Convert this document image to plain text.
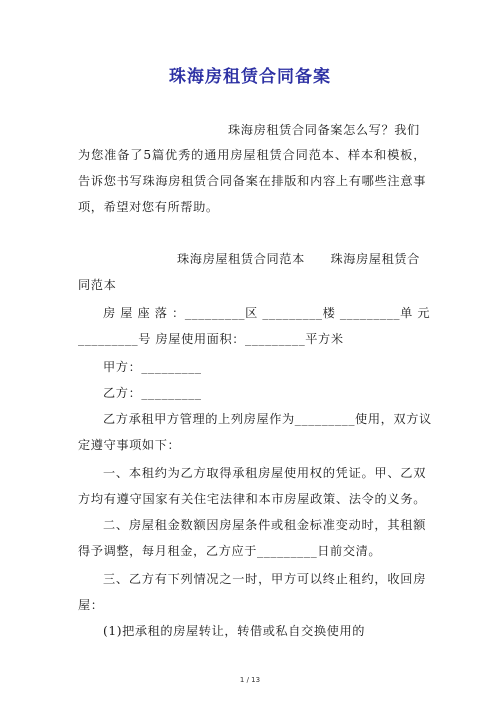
珠海房租赁合同备案
珠海房租赁合同备案怎么写？我们
为您准备了5篇优秀的通用房屋租赁合同范本、样本和模板，
告诉您书写珠海房租赁合同备案在排版和内容上有哪些注意事
项，希望对您有所帮助。
珠海房屋租赁合同范本　　珠海房屋租赁合
同范本
房 屋 座 落 ：_________区 _________楼 _________单 元
_________号 房屋使用面积：_________平方米
甲方：_________
乙方：_________
乙方承租甲方管理的上列房屋作为_________使用，双方议
定遵守事项如下：
一、本租约为乙方取得承租房屋使用权的凭证。甲、乙双
方均有遵守国家有关住宅法律和本市房屋政策、法令的义务。
二、房屋租金数额因房屋条件或租金标准变动时，其租额
得予调整，每月租金，乙方应于_________日前交清。
三、乙方有下列情况之一时，甲方可以终止租约，收回房
屋：
(1)把承租的房屋转让，转借或私自交换使用的
1 / 13
